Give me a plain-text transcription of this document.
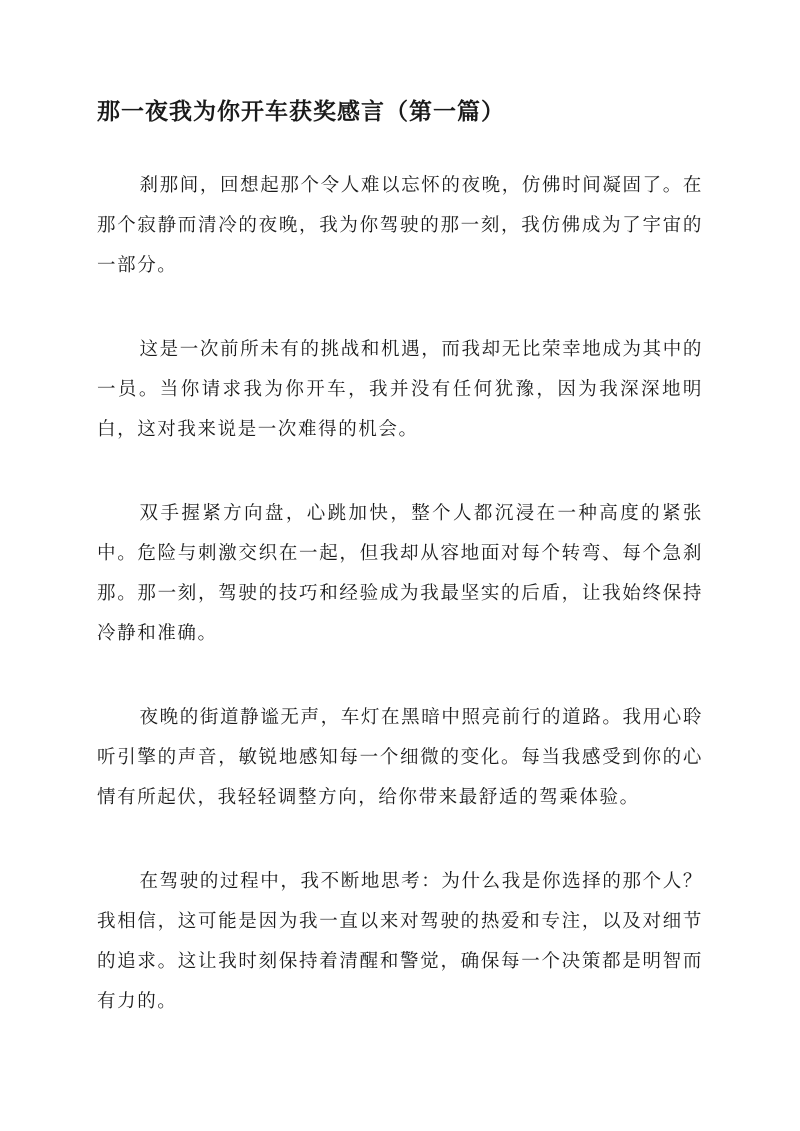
那一夜我为你开车获奖感言（第一篇）

刹那间，回想起那个令人难以忘怀的夜晚，仿佛时间凝固了。在那个寂静而清冷的夜晚，我为你驾驶的那一刻，我仿佛成为了宇宙的一部分。

这是一次前所未有的挑战和机遇，而我却无比荣幸地成为其中的一员。当你请求我为你开车，我并没有任何犹豫，因为我深深地明白，这对我来说是一次难得的机会。

双手握紧方向盘，心跳加快，整个人都沉浸在一种高度的紧张中。危险与刺激交织在一起，但我却从容地面对每个转弯、每个急刹那。那一刻，驾驶的技巧和经验成为我最坚实的后盾，让我始终保持冷静和准确。

夜晚的街道静谧无声，车灯在黑暗中照亮前行的道路。我用心聆听引擎的声音，敏锐地感知每一个细微的变化。每当我感受到你的心情有所起伏，我轻轻调整方向，给你带来最舒适的驾乘体验。

在驾驶的过程中，我不断地思考：为什么我是你选择的那个人？我相信，这可能是因为我一直以来对驾驶的热爱和专注，以及对细节的追求。这让我时刻保持着清醒和警觉，确保每一个决策都是明智而有力的。
